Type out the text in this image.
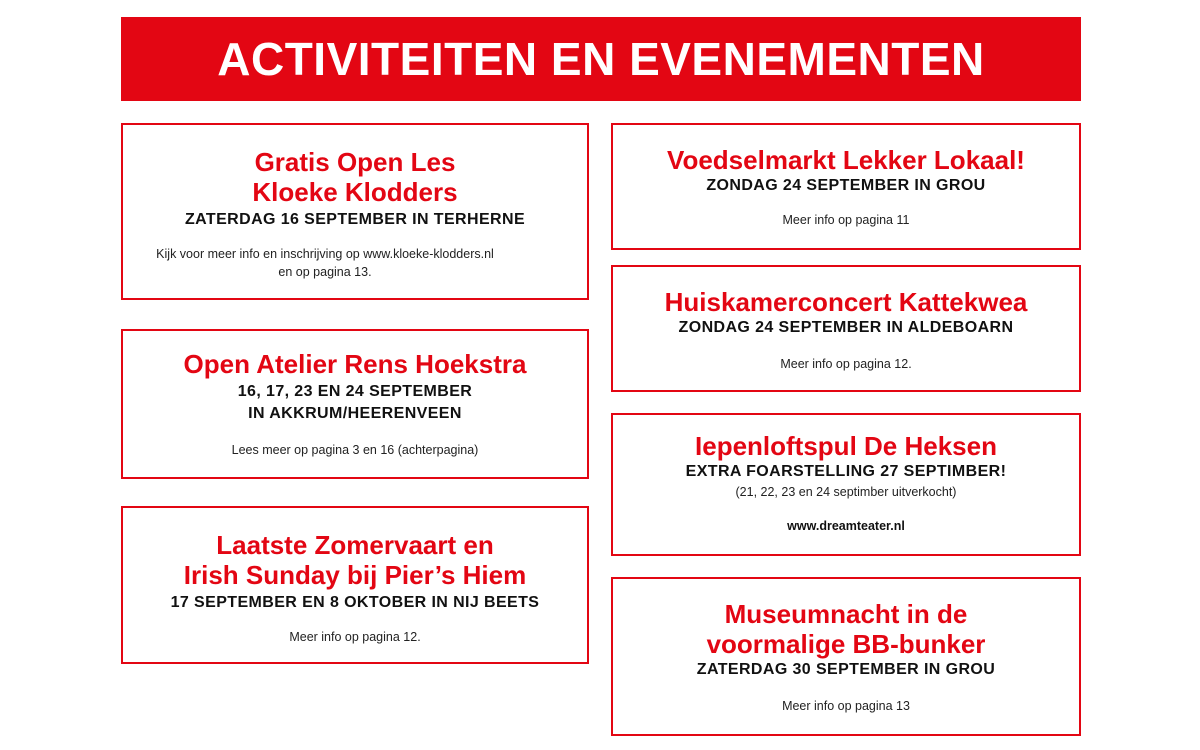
ACTIVITEITEN EN EVENEMENTEN

Gratis Open Les

Kloeke Klodders

ZATERDAG 16 SEPTEMBER IN TERHERNE

Kijk voor meer info en inschrijving op www.kloeke-klodders.nl

en op pagina 13.

Open Atelier Rens Hoekstra

16, 17, 23 EN 24 SEPTEMBER

IN AKKRUM/HEERENVEEN

Lees meer op pagina 3 en 16 (achterpagina)

Laatste Zomervaart en

Irish Sunday bij Pier’s Hiem

17 SEPTEMBER EN 8 OKTOBER IN NIJ BEETS

Meer info op pagina 12.

Voedselmarkt Lekker Lokaal!

ZONDAG 24 SEPTEMBER IN GROU

Meer info op pagina 11

Huiskamerconcert Kattekwea

ZONDAG 24 SEPTEMBER IN ALDEBOARN

Meer info op pagina 12.

Iepenloftspul De Heksen

EXTRA FOARSTELLING 27 SEPTIMBER!

(21, 22, 23 en 24 septimber uitverkocht)

www.dreamteater.nl

Museumnacht in de

voormalige BB-bunker

ZATERDAG 30 SEPTEMBER IN GROU

Meer info op pagina 13
